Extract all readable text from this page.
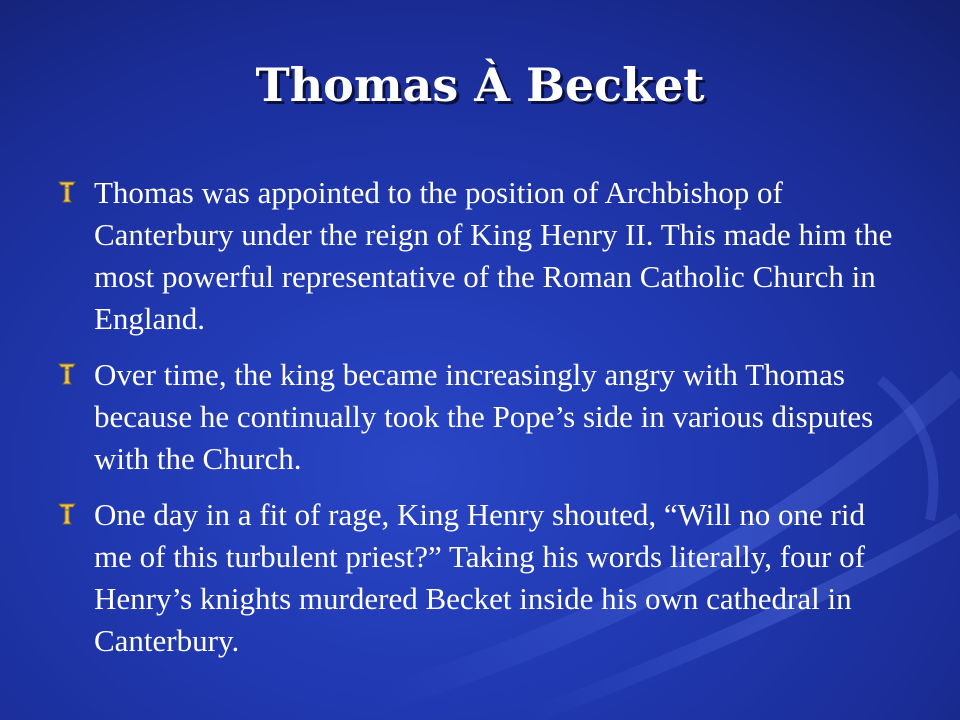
Thomas À Becket
Thomas was appointed to the position of Archbishop of Canterbury under the reign of King Henry II. This made him the most powerful representative of the Roman Catholic Church in England.
Over time, the king became increasingly angry with Thomas because he continually took the Pope’s side in various disputes with the Church.
One day in a fit of rage, King Henry shouted, “Will no one rid me of this turbulent priest?” Taking his words literally, four of Henry’s knights murdered Becket inside his own cathedral in Canterbury.
